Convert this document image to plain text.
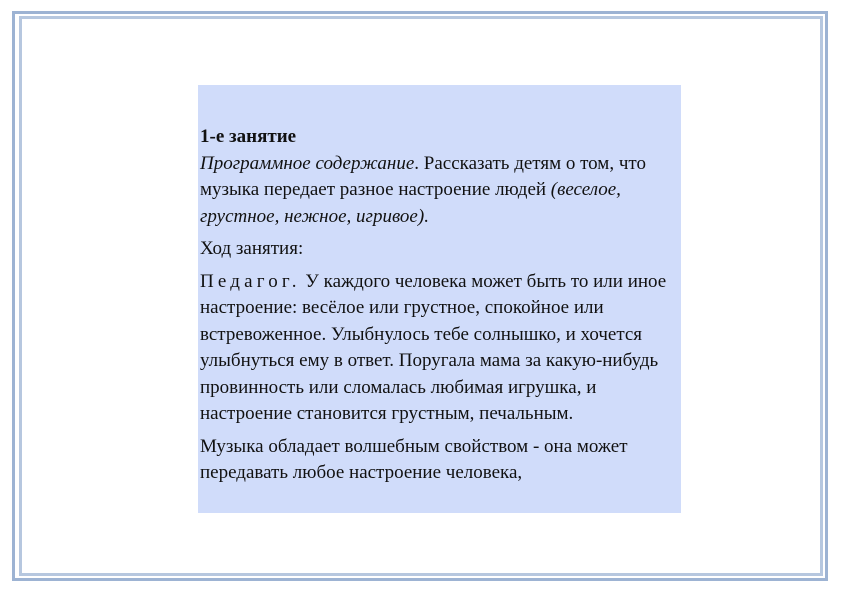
1-е занятие
Программное содержание. Рассказать детям о том, что музыка передает разное настроение людей (веселое, грустное, нежное, игривое).

Ход занятия:

Педагог. У каждого человека может быть то или иное настроение: весёлое или грустное, спокойное или встревоженное. Улыбнулось тебе солнышко, и хочется улыбнуться ему в ответ. Поругала мама за какую-нибудь провинность или сломалась любимая игрушка, и настроение становится грустным, печальным.

Музыка обладает волшебным свойством - она может передавать любое настроение человека,
